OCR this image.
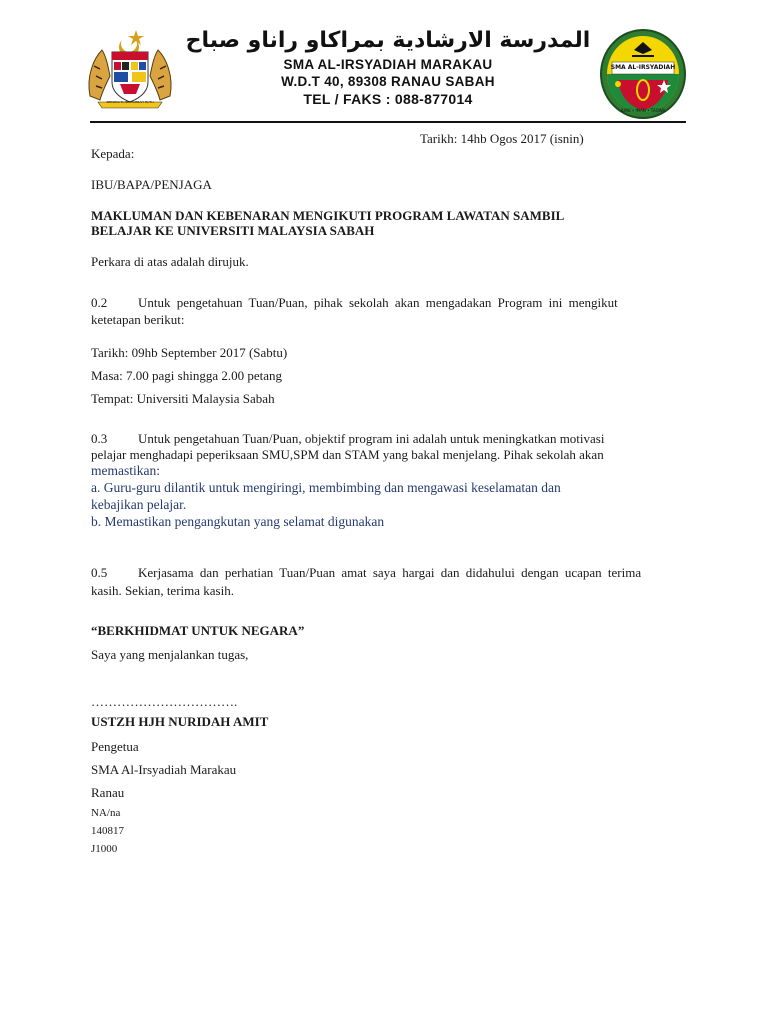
BERSEKUTU BERTAMBAH MUTU
SMA AL-IRSYADIAH
ILMU • IMAN • TAQWA
المدرسة الارشادية بمراكاو راناو صباح
SMA AL-IRSYADIAH MARAKAU
W.D.T 40, 89308 RANAU SABAH
TEL / FAKS : 088-877014
Tarikh: 14hb Ogos 2017 (isnin)
Kepada:
IBU/BAPA/PENJAGA
MAKLUMAN DAN KEBENARAN MENGIKUTI PROGRAM LAWATAN SAMBIL
BELAJAR KE UNIVERSITI MALAYSIA SABAH
Perkara di atas adalah dirujuk.
0.2 Untuk pengetahuan Tuan/Puan, pihak sekolah akan mengadakan Program ini mengikut
ketetapan berikut:
Tarikh: 09hb September 2017 (Sabtu)
Masa: 7.00 pagi shingga 2.00 petang
Tempat: Universiti Malaysia Sabah
0.3 Untuk pengetahuan Tuan/Puan, objektif program ini adalah untuk meningkatkan motivasi
pelajar menghadapi peperiksaan SMU,SPM dan STAM yang bakal menjelang. Pihak sekolah akan
memastikan:
a. Guru-guru dilantik untuk mengiringi, membimbing dan mengawasi keselamatan dan
kebajikan pelajar.
b. Memastikan pengangkutan yang selamat digunakan
0.5 Kerjasama dan perhatian Tuan/Puan amat saya hargai dan didahului dengan ucapan terima
kasih. Sekian, terima kasih.
“BERKHIDMAT UNTUK NEGARA”
Saya yang menjalankan tugas,
…………………………….
USTZH HJH NURIDAH AMIT
Pengetua
SMA Al-Irsyadiah Marakau
Ranau
NA/na
140817
J1000
